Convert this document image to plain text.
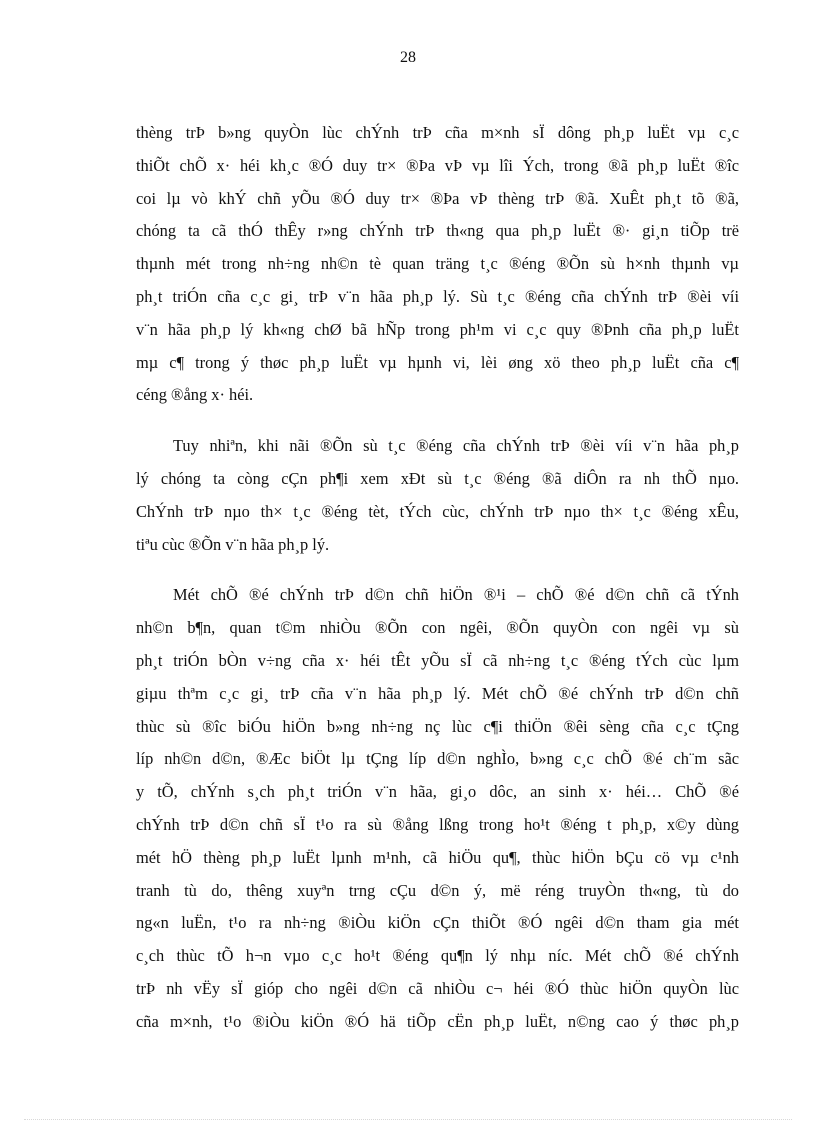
28
thèng trÞ b»ng quyÒn lùc chÝnh trÞ cña m×nh sÏ dông ph¸p luËt vµ c¸c
thiÕt chÕ x· héi kh¸c ®Ó duy tr× ®Þa vÞ vµ lîi Ých, trong ®ã ph¸p luËt ®îc
coi lµ vò khÝ chñ yÕu ®Ó duy tr× ®Þa vÞ thèng trÞ ®ã. XuÊt ph¸t tõ ®ã,
chóng ta cã thÓ thÊy r»ng chÝnh trÞ th«ng qua ph¸p luËt ®· gi¸n tiÕp trë
thµnh mét trong nh÷ng nh©n tè quan träng t¸c ®éng ®Õn sù h×nh thµnh vµ
ph¸t triÓn cña c¸c gi¸ trÞ v¨n hãa ph¸p lý. Sù t¸c ®éng cña chÝnh trÞ ®èi víi
v¨n hãa ph¸p lý kh«ng chØ bã hÑp trong ph¹m vi c¸c quy ®Þnh cña ph¸p luËt
mµ c¶ trong ý thøc ph¸p luËt vµ hµnh vi, lèi øng xö theo ph¸p luËt cña c¶
céng ®ång x· héi.
Tuy nhiªn, khi nãi ®Õn sù t¸c ®éng cña chÝnh trÞ ®èi víi v¨n hãa ph¸p
lý chóng ta còng cÇn ph¶i xem xÐt sù t¸c ®éng ®ã diÔn ra nh thÕ nµo.
ChÝnh trÞ nµo th× t¸c ®éng tèt, tÝch cùc, chÝnh trÞ nµo th× t¸c ®éng xÊu,
tiªu cùc ®Õn v¨n hãa ph¸p lý.
Mét chÕ ®é chÝnh trÞ d©n chñ hiÖn ®¹i – chÕ ®é d©n chñ cã tÝnh
nh©n b¶n, quan t©m nhiÒu ®Õn con ngêi, ®Õn quyÒn con ngêi vµ sù
ph¸t triÓn bÒn v÷ng cña x· héi tÊt yÕu sÏ cã nh÷ng t¸c ®éng tÝch cùc lµm
giµu thªm c¸c gi¸ trÞ cña v¨n hãa ph¸p lý. Mét chÕ ®é chÝnh trÞ d©n chñ
thùc sù ®îc biÓu hiÖn b»ng nh÷ng nç lùc c¶i thiÖn ®êi sèng cña c¸c tÇng
líp nh©n d©n, ®Æc biÖt lµ tÇng líp d©n nghÌo, b»ng c¸c chÕ ®é ch¨m sãc
y tÕ, chÝnh s¸ch ph¸t triÓn v¨n hãa, gi¸o dôc, an sinh x· héi… ChÕ ®é
chÝnh trÞ d©n chñ sÏ t¹o ra sù ®ång lßng trong ho¹t ®éng t ph¸p, x©y dùng
mét hÖ thèng ph¸p luËt lµnh m¹nh, cã hiÖu qu¶, thùc hiÖn bÇu cö vµ c¹nh
tranh tù do, thêng xuyªn trng cÇu d©n ý, më réng truyÒn th«ng, tù do
ng«n luËn, t¹o ra nh÷ng ®iÒu kiÖn cÇn thiÕt ®Ó ngêi d©n tham gia mét
c¸ch thùc tÕ h¬n vµo c¸c ho¹t ®éng qu¶n lý nhµ níc. Mét chÕ ®é chÝnh
trÞ nh vËy sÏ gióp cho ngêi d©n cã nhiÒu c¬ héi ®Ó thùc hiÖn quyÒn lùc
cña m×nh, t¹o ®iÒu kiÖn ®Ó hä tiÕp cËn ph¸p luËt, n©ng cao ý thøc ph¸p
